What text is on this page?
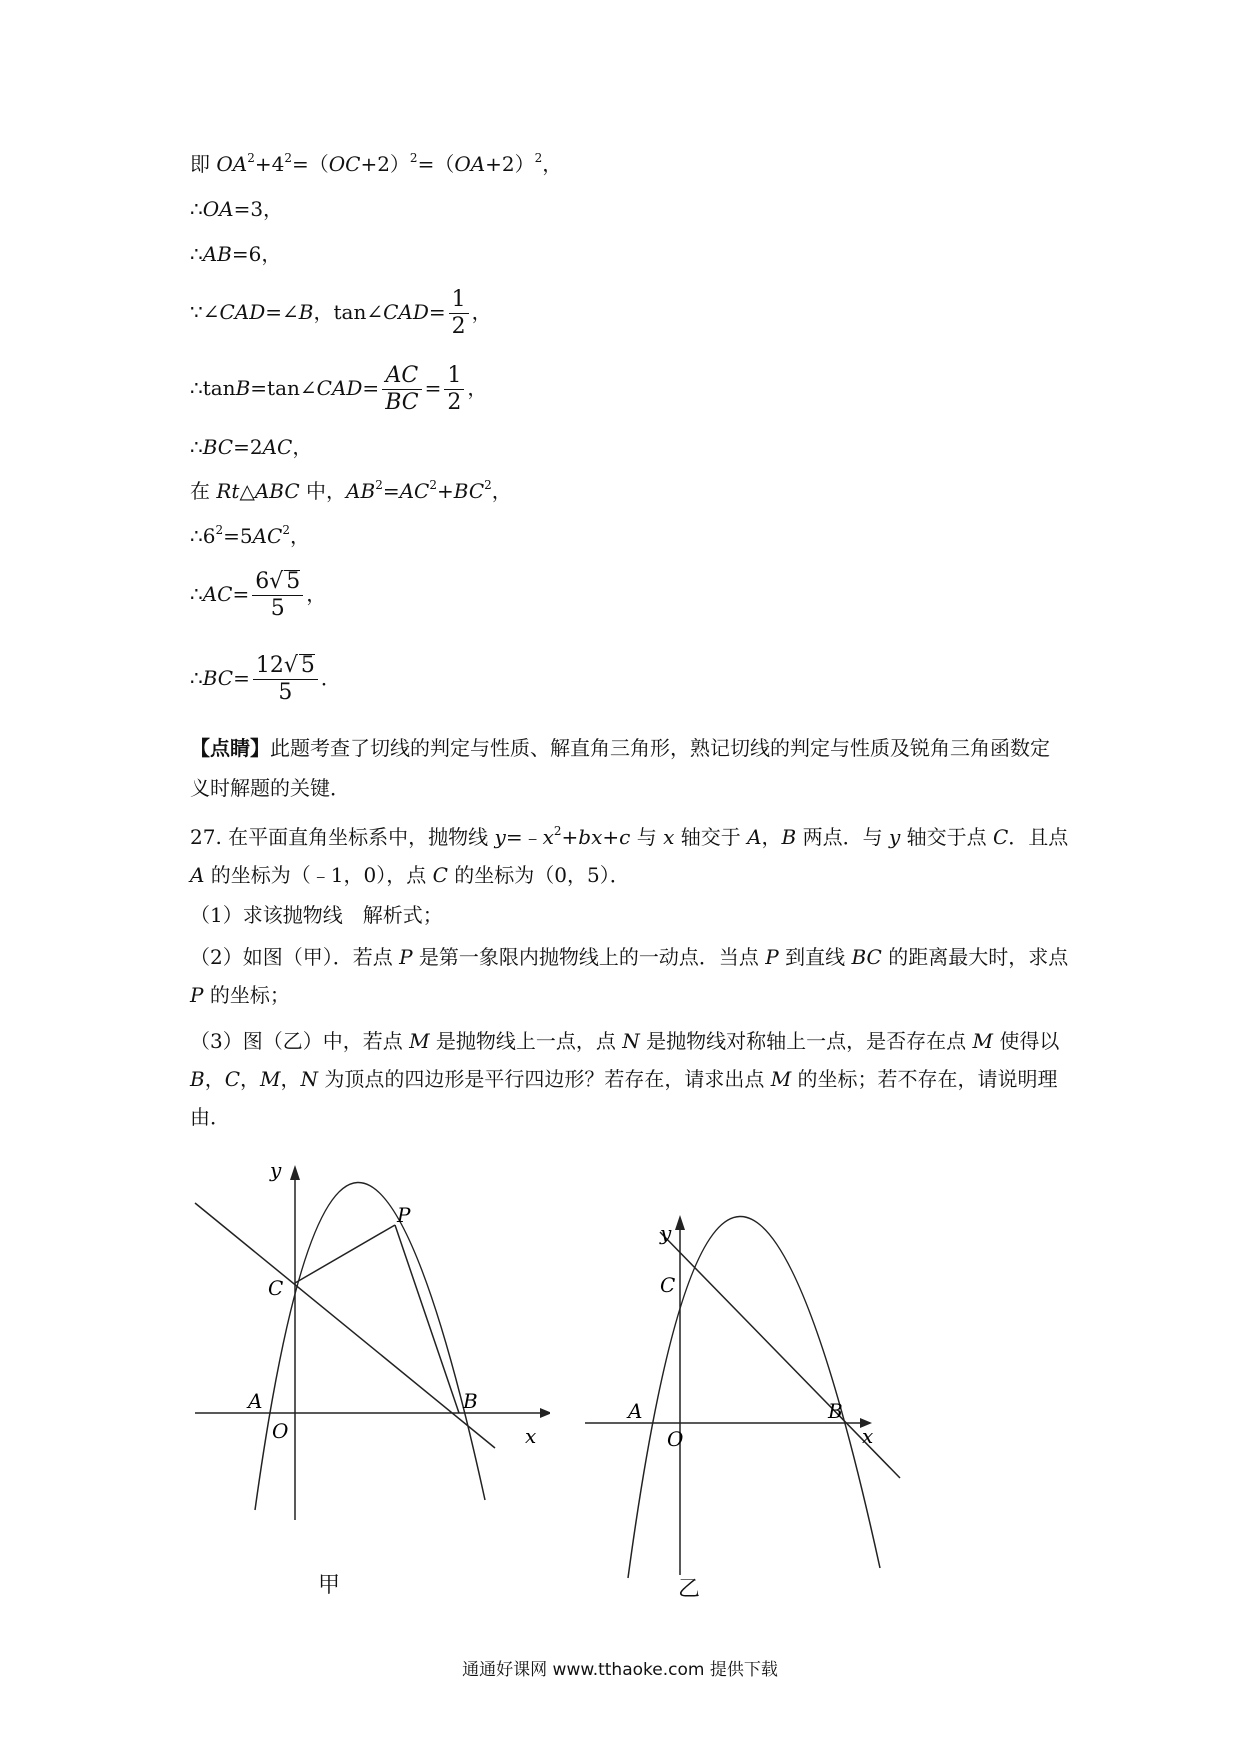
即 $OA^2+4^2=(OC+2)^2=(OA+2)^2$，
∴OA=3，
∴AB=6，
∵∠CAD=∠B，tan∠CAD= $\frac{1}{2}$ ，
∴tanB=tan∠CAD= $\frac{AC}{BC} = \frac{1}{2}$ ，
∴BC=2AC，
在 Rt△ABC 中，$AB^2=AC^2+BC^2$，
$\therefore 6^2=5AC^2$，
∴AC= $\frac{6√ 5}{5}$ ，
∴BC= $\frac{12√ 5}{5}$ ．
【点睛】此题考查了切线的判定与性质、解直角三角形，熟记切线的判定与性质及锐角三角函数定义时解题的关键．
27. 在平面直角坐标系中，抛物线 $y=﹣x^2+bx+c$ 与 x 轴交于 A，B 两点．与 y 轴交于点 C．且点 A 的坐标为（﹣1，0），点 C 的坐标为（0，5）．
（1）求该抛物线　解析式；
（2）如图（甲）．若点 P 是第一象限内抛物线上的一动点．当点 P 到直线 BC 的距离最大时，求点 P 的坐标；
（3）图（乙）中，若点 M 是抛物线上一点，点 N 是抛物线对称轴上一点，是否存在点 M 使得以 B，C，M，N 为顶点的四边形是平行四边形？若存在，请求出点 M 的坐标；若不存在，请说明理由．
y
P
C
A
O
B
x
甲
y
C
A
O
B
x
乙
通通好课网 www.tthaoke.com 提供下载
